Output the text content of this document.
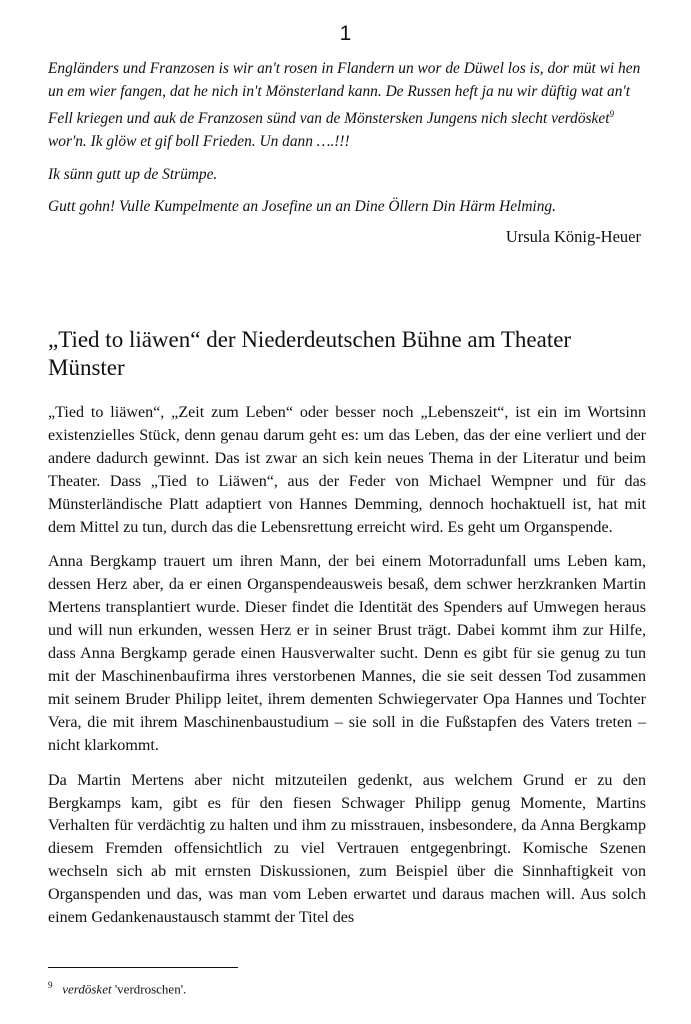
1

Engländers und Franzosen is wir an't rosen in Flandern un wor de Düwel los is, dor müt wi hen un em wier fangen, dat he nich in't Mönsterland kann. De Russen heft ja nu wir düftig wat an't Fell kriegen und auk de Franzosen sünd van de Mönstersken Jungens nich slecht verdösket$^9$ wor'n. Ik glöw et gif boll Frieden. Un dann ….!!!

Ik sünn gutt up de Strümpe.

Gutt gohn! Vulle Kumpelmente an Josefine un an Dine Öllern Din Härm Helming.

Ursula König-Heuer
„Tied to liäwen“ der Niederdeutschen Bühne am Theater Münster

„Tied to liäwen“, „Zeit zum Leben“ oder besser noch „Lebenszeit“, ist ein im Wortsinn existenzielles Stück, denn genau darum geht es: um das Leben, das der eine verliert und der andere dadurch gewinnt. Das ist zwar an sich kein neues Thema in der Literatur und beim Theater. Dass „Tied to Liäwen“, aus der Feder von Michael Wempner und für das Münsterländische Platt adaptiert von Hannes Demming, dennoch hochaktuell ist, hat mit dem Mittel zu tun, durch das die Lebensrettung erreicht wird. Es geht um Organspende.

Anna Bergkamp trauert um ihren Mann, der bei einem Motorradunfall ums Leben kam, dessen Herz aber, da er einen Organspendeausweis besaß, dem schwer herzkranken Martin Mertens transplantiert wurde. Dieser findet die Identität des Spenders auf Umwegen heraus und will nun erkunden, wessen Herz er in seiner Brust trägt. Dabei kommt ihm zur Hilfe, dass Anna Bergkamp gerade einen Hausverwalter sucht. Denn es gibt für sie genug zu tun mit der Maschinenbaufirma ihres verstorbenen Mannes, die sie seit dessen Tod zusammen mit seinem Bruder Philipp leitet, ihrem dementen Schwiegervater Opa Hannes und Tochter Vera, die mit ihrem Maschinenbaustudium – sie soll in die Fußstapfen des Vaters treten – nicht klarkommt.

Da Martin Mertens aber nicht mitzuteilen gedenkt, aus welchem Grund er zu den Bergkamps kam, gibt es für den fiesen Schwager Philipp genug Momente, Martins Verhalten für verdächtig zu halten und ihm zu misstrauen, insbesondere, da Anna Bergkamp diesem Fremden offensichtlich zu viel Vertrauen entgegenbringt. Komische Szenen wechseln sich ab mit ernsten Diskussionen, zum Beispiel über die Sinnhaftigkeit von Organspenden und das, was man vom Leben erwartet und daraus machen will. Aus solch einem Gedankenaustausch stammt der Titel des

$^9$ verdösket 'verdroschen'.
